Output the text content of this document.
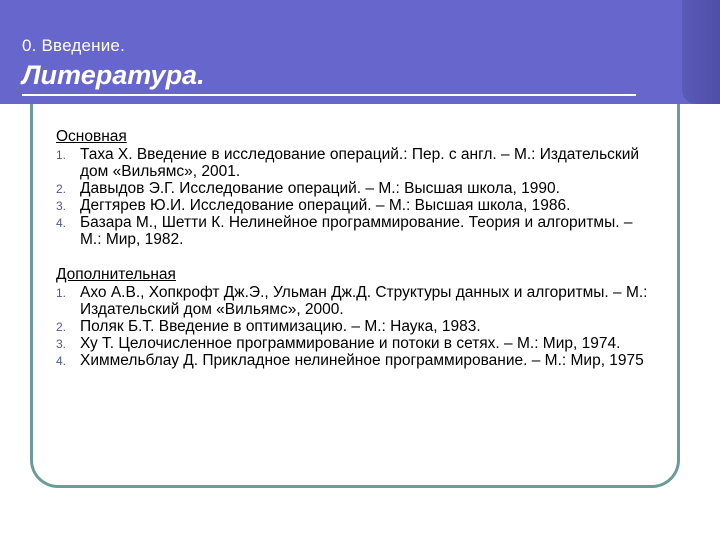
0. Введение.
Литература.
Основная
1. Таха Х. Введение в исследование операций.: Пер. с англ. – М.: Издательский дом «Вильямс», 2001.
2. Давыдов Э.Г. Исследование операций. – М.: Высшая школа, 1990.
3. Дегтярев Ю.И. Исследование операций. – М.: Высшая школа, 1986.
4. Базара М., Шетти К. Нелинейное программирование. Теория и алгоритмы. – М.: Мир, 1982.
Дополнительная
1. Ахо А.В., Хопкрофт Дж.Э., Ульман Дж.Д. Структуры данных и алгоритмы. – М.: Издательский дом «Вильямс», 2000.
2. Поляк Б.Т. Введение в оптимизацию. – М.: Наука, 1983.
3. Ху Т. Целочисленное программирование и потоки в сетях. – М.: Мир, 1974.
4. Химмельблау Д. Прикладное нелинейное программирование. – М.: Мир, 1975
